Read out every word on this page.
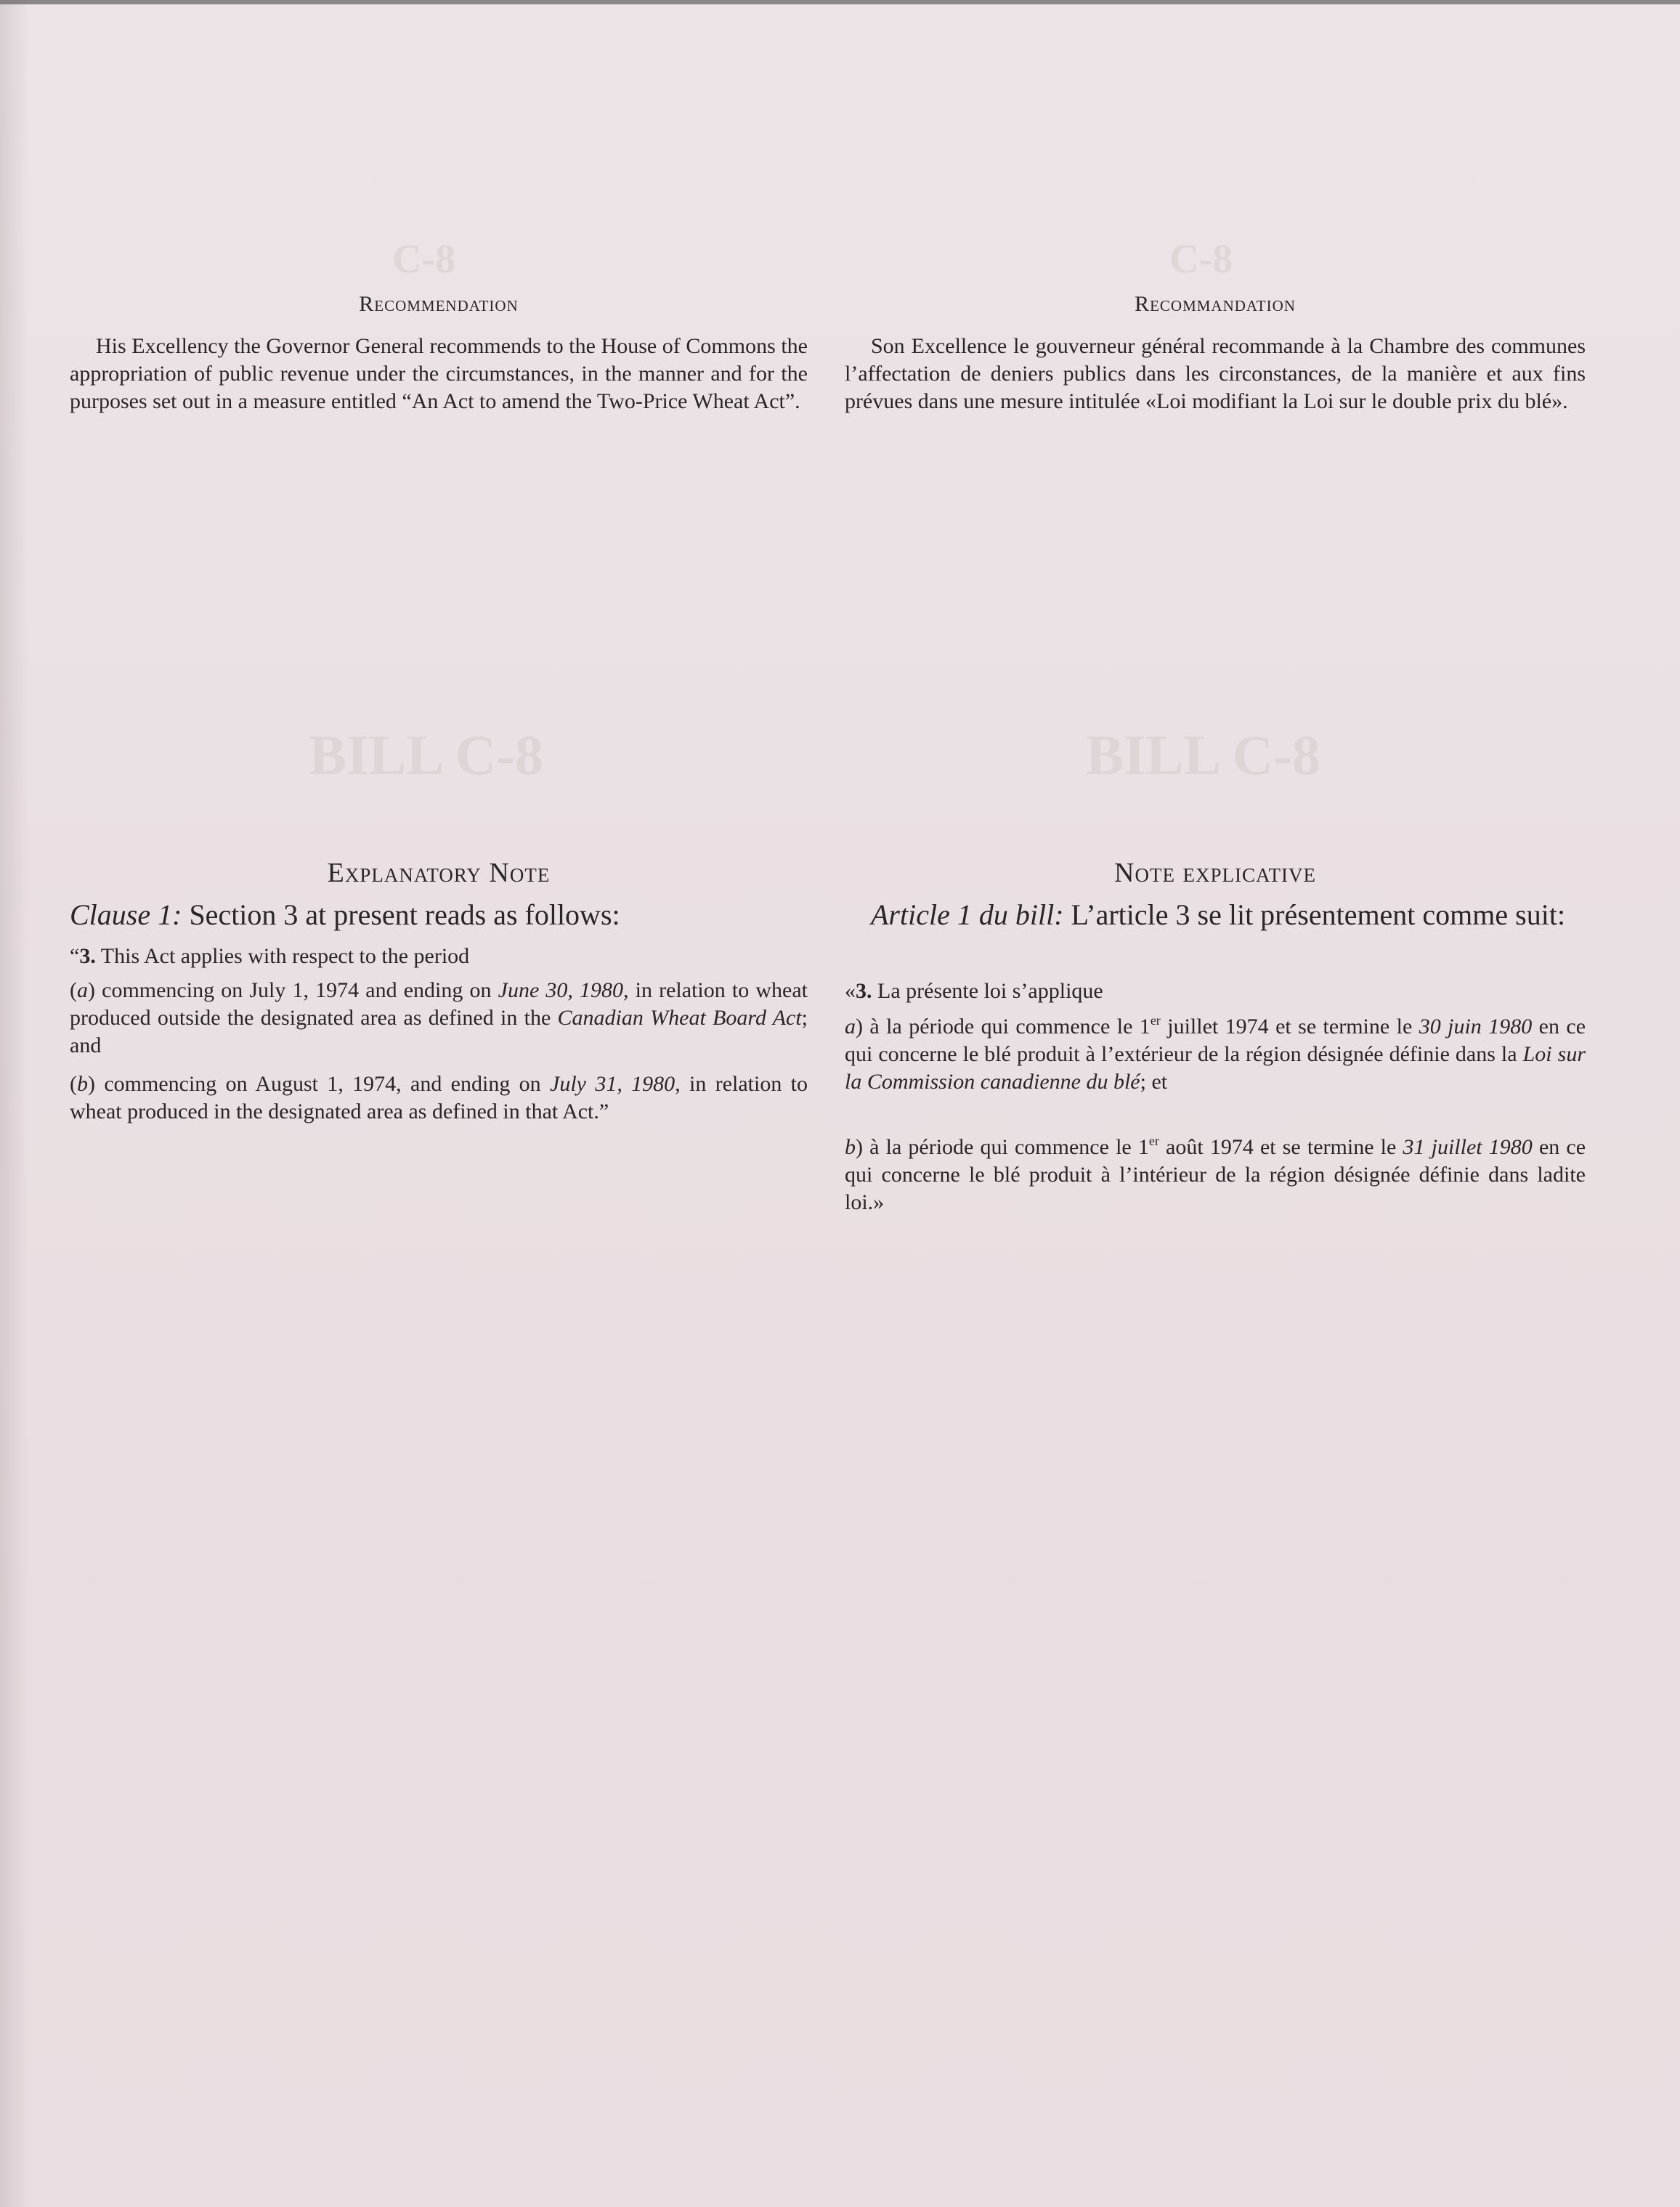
BILL C-8	BILL C-8
C-8	C-8
Recommendation

His Excellency the Governor General recommends to the House of Commons the appropriation of public revenue under the circumstances, in the manner and for the purposes set out in a measure entitled “An Act to amend the Two-Price Wheat Act”.

Explanatory Note

Clause 1: Section 3 at present reads as follows:

“3. This Act applies with respect to the period

(a) commencing on July 1, 1974 and ending on June 30, 1980, in relation to wheat produced outside the designated area as defined in the Canadian Wheat Board Act; and

(b) commencing on August 1, 1974, and ending on July 31, 1980, in relation to wheat produced in the designated area as defined in that Act.”

Recommandation

Son Excellence le gouverneur général recommande à la Chambre des communes l’affectation de deniers publics dans les circonstances, de la manière et aux fins prévues dans une mesure intitulée «Loi modifiant la Loi sur le double prix du blé».

Note explicative

Article 1 du bill: L’article 3 se lit présentement comme suit:

«3. La présente loi s’applique

a) à la période qui commence le 1er juillet 1974 et se termine le 30 juin 1980 en ce qui concerne le blé produit à l’extérieur de la région désignée définie dans la Loi sur la Commission canadienne du blé; et

b) à la période qui commence le 1er août 1974 et se termine le 31 juillet 1980 en ce qui concerne le blé produit à l’intérieur de la région désignée définie dans ladite loi.»
